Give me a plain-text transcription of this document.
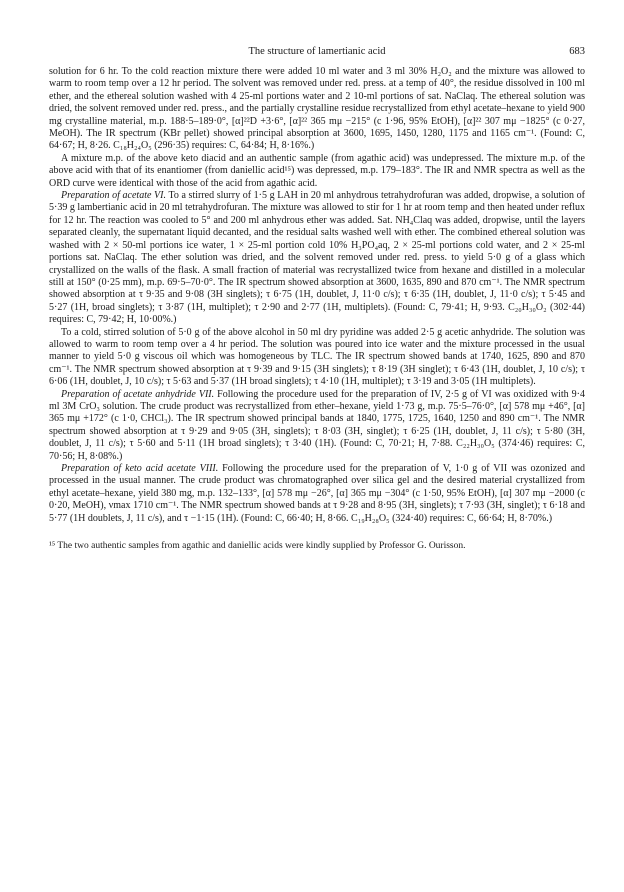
The structure of lamertianic acid	683

solution for 6 hr. To the cold reaction mixture there were added 10 ml water and 3 ml 30% H₂O₂ and the mixture was allowed to warm to room temp over a 12 hr period. The solvent was removed under red. press. at a temp of 40°, the residue dissolved in 100 ml ether, and the ethereal solution washed with 4 25-ml portions water and 2 10-ml portions of sat. NaClaq. The ethereal solution was dried, the solvent removed under red. press., and the partially crystalline residue recrystallized from ethyl acetate–hexane to yield 900 mg crystalline material, m.p. 188·5–189·0°, [α]²²D +3·6°, [α]²² 365 mμ −215° (c 1·96, 95% EtOH), [α]²² 307 mμ −1825° (c 0·27, MeOH). The IR spectrum (KBr pellet) showed principal absorption at 3600, 1695, 1450, 1280, 1175 and 1165 cm⁻¹. (Found: C, 64·67; H, 8·26. C₁₈H₂₄O₅ (296·35) requires: C, 64·84; H, 8·16%.)

A mixture m.p. of the above keto diacid and an authentic sample (from agathic acid) was undepressed. The mixture m.p. of the above acid with that of its enantiomer (from daniellic acid¹⁵) was depressed, m.p. 179–183°. The IR and NMR spectra as well as the ORD curve were identical with those of the acid from agathic acid.

Preparation of acetate VI. To a stirred slurry of 1·5 g LAH in 20 ml anhydrous tetrahydrofuran was added, dropwise, a solution of 5·39 g lambertianic acid in 20 ml tetrahydrofuran. The mixture was allowed to stir for 1 hr at room temp and then heated under reflux for 12 hr. The reaction was cooled to 5° and 200 ml anhydrous ether was added. Sat. NH₄Claq was added, dropwise, until the layers separated cleanly, the supernatant liquid decanted, and the residual salts washed well with ether. The combined ethereal solution was washed with 2 × 50-ml portions ice water, 1 × 25-ml portion cold 10% H₃PO₄aq, 2 × 25-ml portions cold water, and 2 × 25-ml portions sat. NaClaq. The ether solution was dried, and the solvent removed under red. press. to yield 5·0 g of a glass which crystallized on the walls of the flask. A small fraction of material was recrystallized twice from hexane and distilled in a molecular still at 150° (0·25 mm), m.p. 69·5–70·0°. The IR spectrum showed absorption at 3600, 1635, 890 and 870 cm⁻¹. The NMR spectrum showed absorption at τ 9·35 and 9·08 (3H singlets); τ 6·75 (1H, doublet, J, 11·0 c/s); τ 6·35 (1H, doublet, J, 11·0 c/s); τ 5·45 and 5·27 (1H, broad singlets); τ 3·87 (1H, multiplet); τ 2·90 and 2·77 (1H, multiplets). (Found: C, 79·41; H, 9·93. C₂₀H₃₀O₂ (302·44) requires: C, 79·42; H, 10·00%.)

To a cold, stirred solution of 5·0 g of the above alcohol in 50 ml dry pyridine was added 2·5 g acetic anhydride. The solution was allowed to warm to room temp over a 4 hr period. The solution was poured into ice water and the mixture processed in the usual manner to yield 5·0 g viscous oil which was homogeneous by TLC. The IR spectrum showed bands at 1740, 1625, 890 and 870 cm⁻¹. The NMR spectrum showed absorption at τ 9·39 and 9·15 (3H singlets); τ 8·19 (3H singlet); τ 6·43 (1H, doublet, J, 10 c/s); τ 6·06 (1H, doublet, J, 10 c/s); τ 5·63 and 5·37 (1H broad singlets); τ 4·10 (1H, multiplet); τ 3·19 and 3·05 (1H multiplets).

Preparation of acetate anhydride VII. Following the procedure used for the preparation of IV, 2·5 g of VI was oxidized with 9·4 ml 3M CrO₃ solution. The crude product was recrystallized from ether–hexane, yield 1·73 g, m.p. 75·5–76·0°, [α] 578 mμ +46°, [α] 365 mμ +172° (c 1·0, CHCl₃). The IR spectrum showed principal bands at 1840, 1775, 1725, 1640, 1250 and 890 cm⁻¹. The NMR spectrum showed absorption at τ 9·29 and 9·05 (3H, singlets); τ 8·03 (3H, singlet); τ 6·25 (1H, doublet, J, 11 c/s); τ 5·80 (3H, doublet, J, 11 c/s); τ 5·60 and 5·11 (1H broad singlets); τ 3·40 (1H). (Found: C, 70·21; H, 7·88. C₂₂H₃₀O₅ (374·46) requires: C, 70·56; H, 8·08%.)

Preparation of keto acid acetate VIII. Following the procedure used for the preparation of V, 1·0 g of VII was ozonized and processed in the usual manner. The crude product was chromatographed over silica gel and the desired material crystallized from ethyl acetate–hexane, yield 380 mg, m.p. 132–133°, [α] 578 mμ −26°, [α] 365 mμ −304° (c 1·50, 95% EtOH), [α] 307 mμ −2000 (c 0·20, MeOH), νmax 1710 cm⁻¹. The NMR spectrum showed bands at τ 9·28 and 8·95 (3H, singlets); τ 7·93 (3H, singlet); τ 6·18 and 5·77 (1H doublets, J, 11 c/s), and τ −1·15 (1H). (Found: C, 66·40; H, 8·66. C₁₉H₂₈O₅ (324·40) requires: C, 66·64; H, 8·70%.)

¹⁵ The two authentic samples from agathic and daniellic acids were kindly supplied by Professor G. Ourisson.
